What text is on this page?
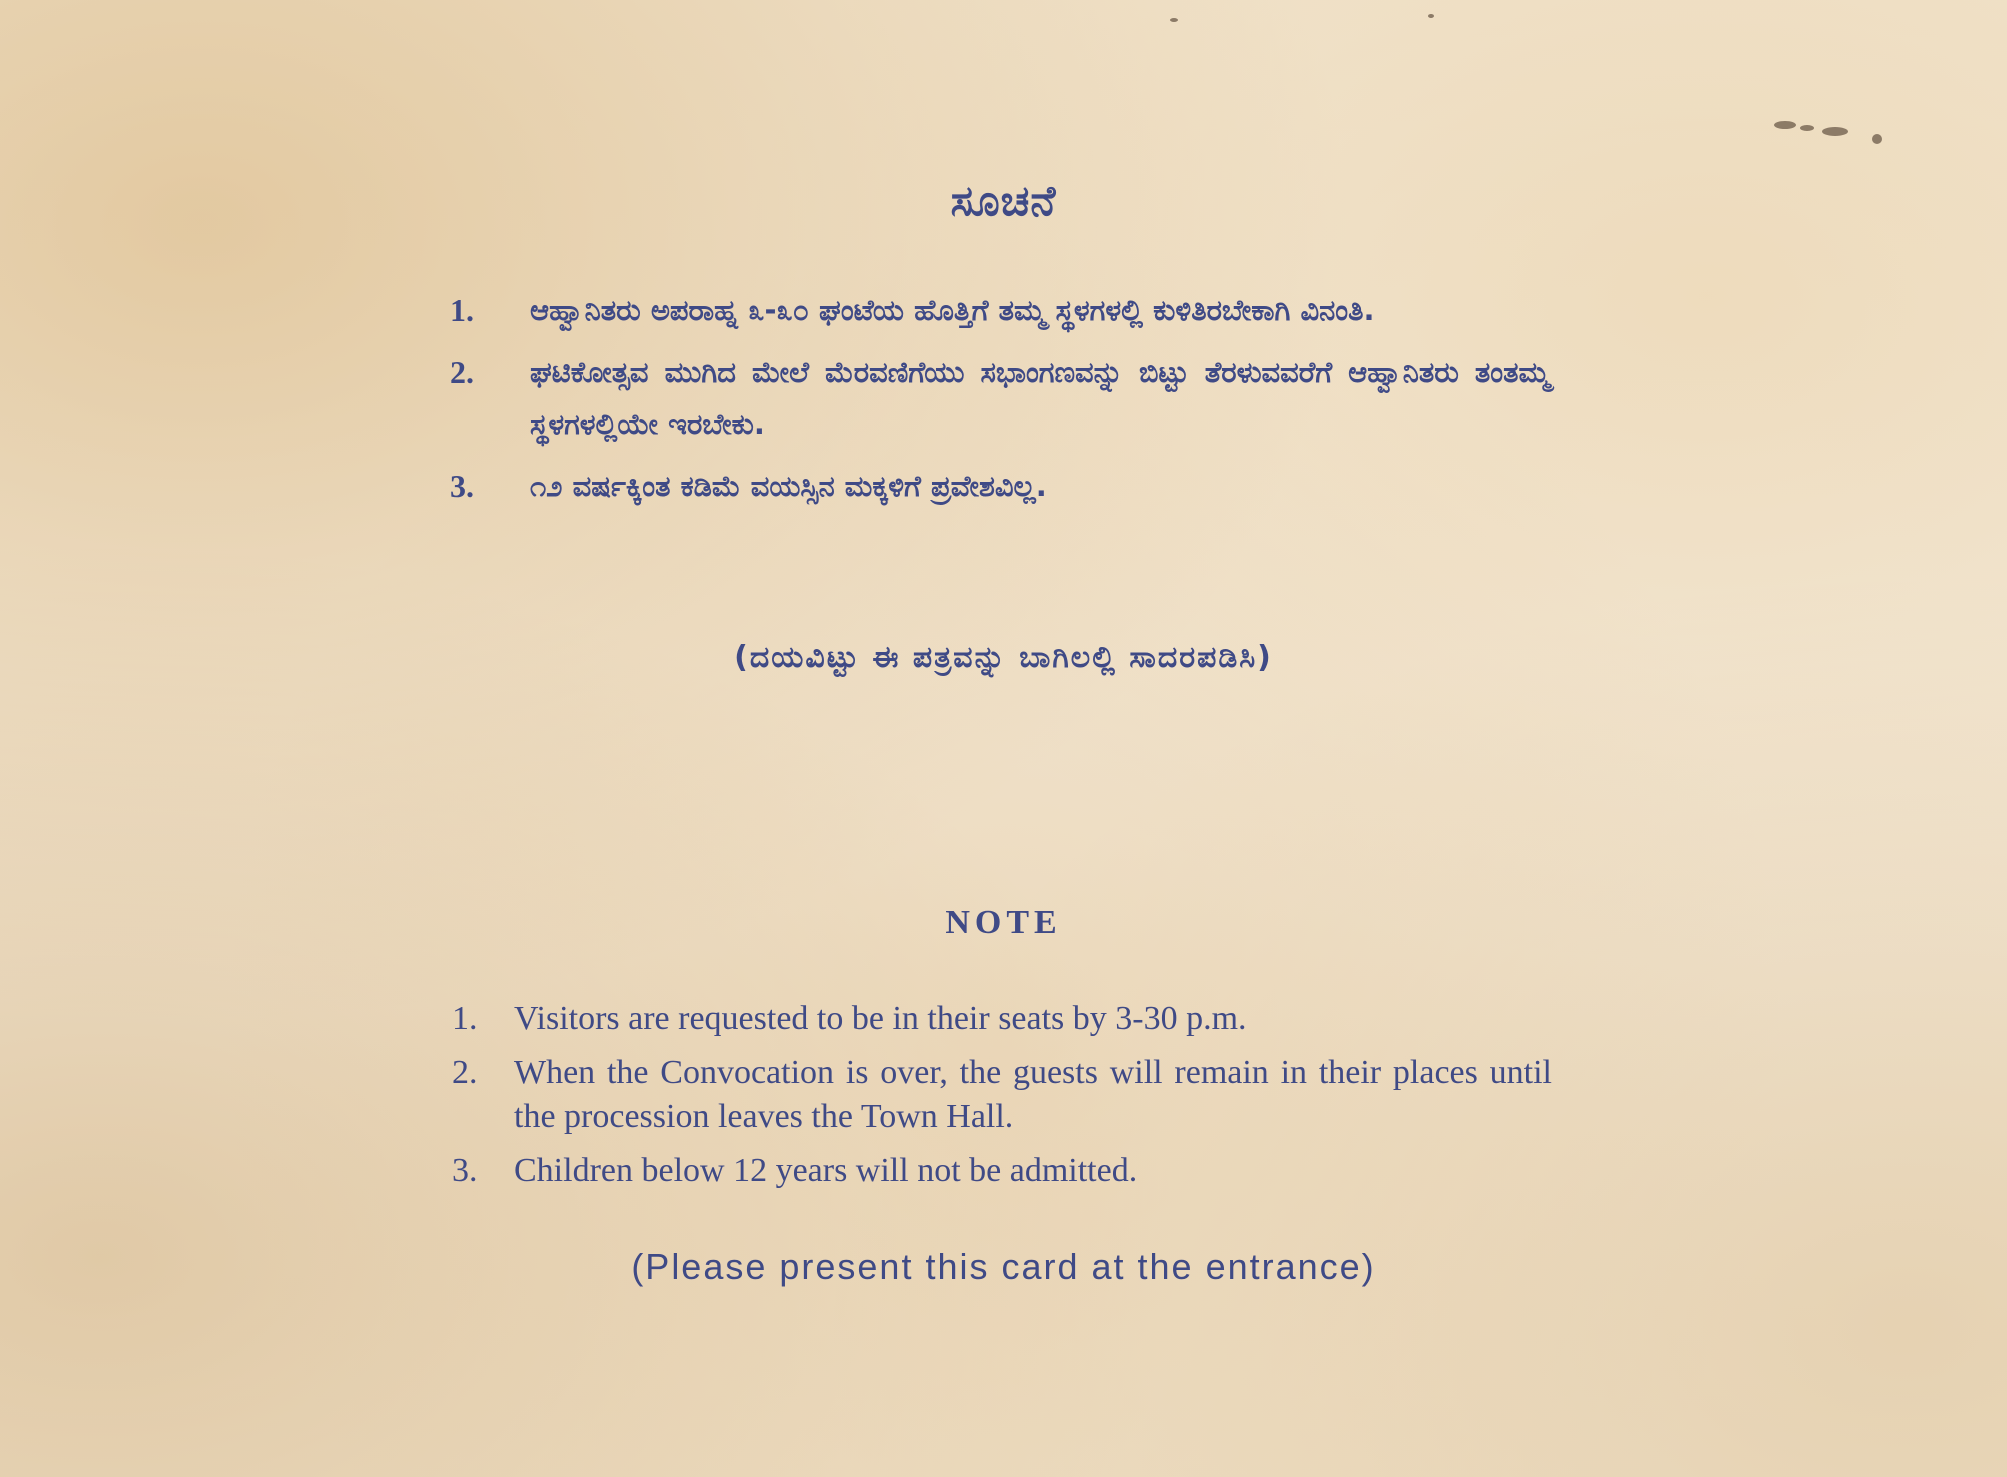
ಸೂಚನೆ
1. ಆಹ್ವಾನಿತರು ಅಪರಾಹ್ನ ೩-೩೦ ಘಂಟೆಯ ಹೊತ್ತಿಗೆ ತಮ್ಮ ಸ್ಥಳಗಳಲ್ಲಿ ಕುಳಿತಿರಬೇಕಾಗಿ ವಿನಂತಿ.
2. ಘಟಿಕೋತ್ಸವ ಮುಗಿದ ಮೇಲೆ ಮೆರವಣಿಗೆಯು ಸಭಾಂಗಣವನ್ನು ಬಿಟ್ಟು ತೆರಳುವವರೆಗೆ ಆಹ್ವಾನಿತರು ತಂತಮ್ಮ ಸ್ಥಳಗಳಲ್ಲಿಯೇ ಇರಬೇಕು.
3. ೧೨ ವರ್ಷಕ್ಕಿಂತ ಕಡಿಮೆ ವಯಸ್ಸಿನ ಮಕ್ಕಳಿಗೆ ಪ್ರವೇಶವಿಲ್ಲ.
(ದಯವಿಟ್ಟು ಈ ಪತ್ರವನ್ನು ಬಾಗಿಲಲ್ಲಿ ಸಾದರಪಡಿಸಿ)
NOTE
1. Visitors are requested to be in their seats by 3-30 p.m.
2. When the Convocation is over, the guests will remain in their places until the procession leaves the Town Hall.
3. Children below 12 years will not be admitted.
(Please present this card at the entrance)
